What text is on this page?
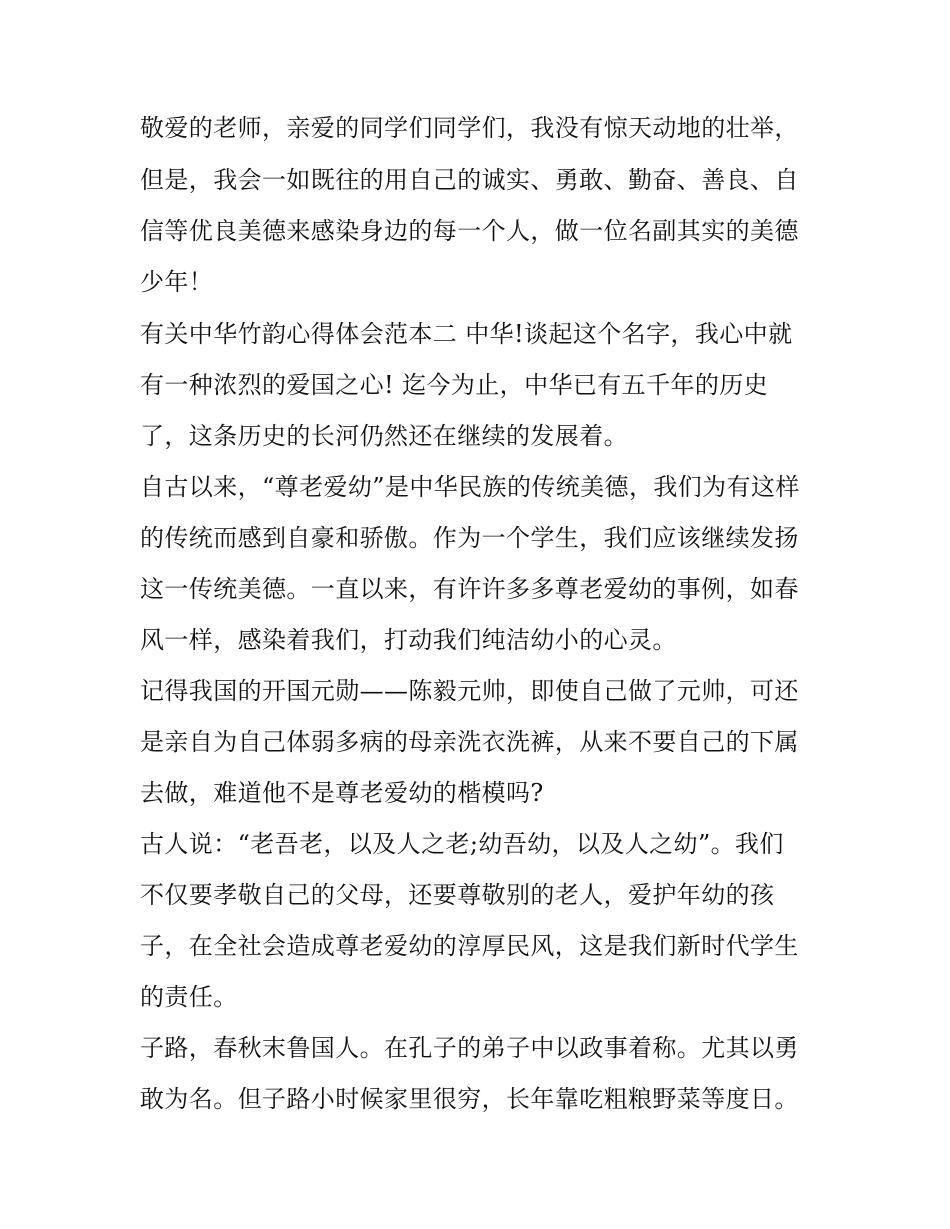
敬爱的老师，亲爱的同学们同学们，我没有惊天动地的壮举，
但是，我会一如既往的用自己的诚实、勇敢、勤奋、善良、自
信等优良美德来感染身边的每一个人，做一位名副其实的美德
少年！
有关中华竹韵心得体会范本二 中华!谈起这个名字，我心中就
有一种浓烈的爱国之心! 迄今为止，中华已有五千年的历史
了，这条历史的长河仍然还在继续的发展着。
自古以来，“尊老爱幼”是中华民族的传统美德，我们为有这样
的传统而感到自豪和骄傲。作为一个学生，我们应该继续发扬
这一传统美德。一直以来，有许许多多尊老爱幼的事例，如春
风一样，感染着我们，打动我们纯洁幼小的心灵。
记得我国的开国元勋——陈毅元帅，即使自己做了元帅，可还
是亲自为自己体弱多病的母亲洗衣洗裤，从来不要自己的下属
去做，难道他不是尊老爱幼的楷模吗?
古人说：“老吾老，以及人之老;幼吾幼，以及人之幼”。我们
不仅要孝敬自己的父母，还要尊敬别的老人，爱护年幼的孩
子，在全社会造成尊老爱幼的淳厚民风，这是我们新时代学生
的责任。
子路，春秋末鲁国人。在孔子的弟子中以政事着称。尤其以勇
敢为名。但子路小时候家里很穷，长年靠吃粗粮野菜等度日。
